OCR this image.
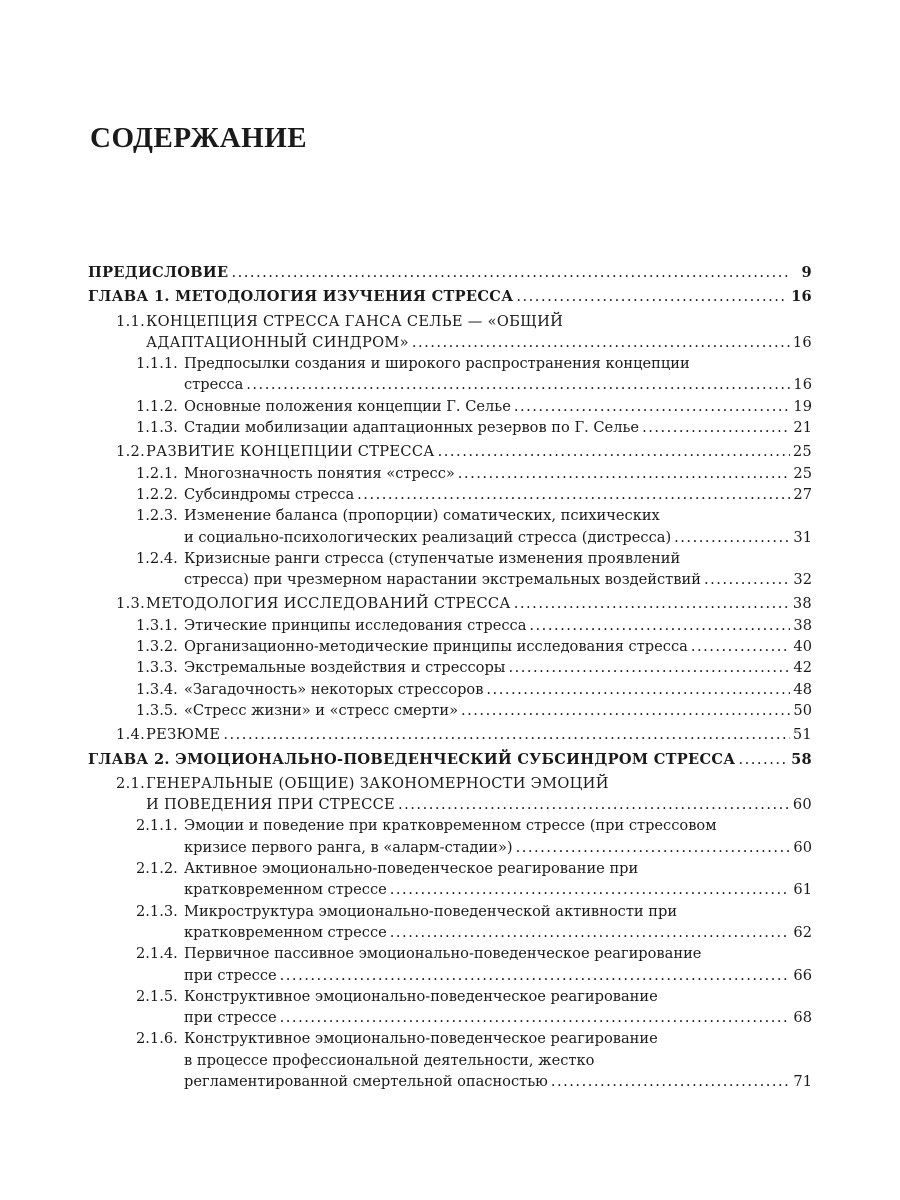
СОДЕРЖАНИЕ
ПРЕДИСЛОВИЕ .....	9
ГЛАВА 1. МЕТОДОЛОГИЯ ИЗУЧЕНИЯ СТРЕССА .....	16
1.1. КОНЦЕПЦИЯ СТРЕССА ГАНСА СЕЛЬЕ — «ОБЩИЙ
АДАПТАЦИОННЫЙ СИНДРОМ» .....	16
1.1.1. Предпосылки создания и широкого распространения концепции
стресса .....	16
1.1.2. Основные положения концепции Г. Селье .....	19
1.1.3. Стадии мобилизации адаптационных резервов по Г. Селье .....	21
1.2. РАЗВИТИЕ КОНЦЕПЦИИ СТРЕССА .....	25
1.2.1. Многозначность понятия «стресс» .....	25
1.2.2. Субсиндромы стресса .....	27
1.2.3. Изменение баланса (пропорции) соматических, психических
и социально-психологических реализаций стресса (дистресса) .....	31
1.2.4. Кризисные ранги стресса (ступенчатые изменения проявлений
стресса) при чрезмерном нарастании экстремальных воздействий .....	32
1.3. МЕТОДОЛОГИЯ ИССЛЕДОВАНИЙ СТРЕССА .....	38
1.3.1. Этические принципы исследования стресса .....	38
1.3.2. Организационно-методические принципы исследования стресса .....	40
1.3.3. Экстремальные воздействия и стрессоры .....	42
1.3.4. «Загадочность» некоторых стрессоров .....	48
1.3.5. «Стресс жизни» и «стресс смерти» .....	50
1.4. РЕЗЮМЕ .....	51
ГЛАВА 2. ЭМОЦИОНАЛЬНО-ПОВЕДЕНЧЕСКИЙ СУБСИНДРОМ СТРЕССА .....	58
2.1. ГЕНЕРАЛЬНЫЕ (ОБЩИЕ) ЗАКОНОМЕРНОСТИ ЭМОЦИЙ
И ПОВЕДЕНИЯ ПРИ СТРЕССЕ .....	60
2.1.1. Эмоции и поведение при кратковременном стрессе (при стрессовом
кризисе первого ранга, в «аларм-стадии») .....	60
2.1.2. Активное эмоционально-поведенческое реагирование при
кратковременном стрессе .....	61
2.1.3. Микроструктура эмоционально-поведенческой активности при
кратковременном стрессе .....	62
2.1.4. Первичное пассивное эмоционально-поведенческое реагирование
при стрессе .....	66
2.1.5. Конструктивное эмоционально-поведенческое реагирование
при стрессе .....	68
2.1.6. Конструктивное эмоционально-поведенческое реагирование
в процессе профессиональной деятельности, жестко
регламентированной смертельной опасностью .....	71
